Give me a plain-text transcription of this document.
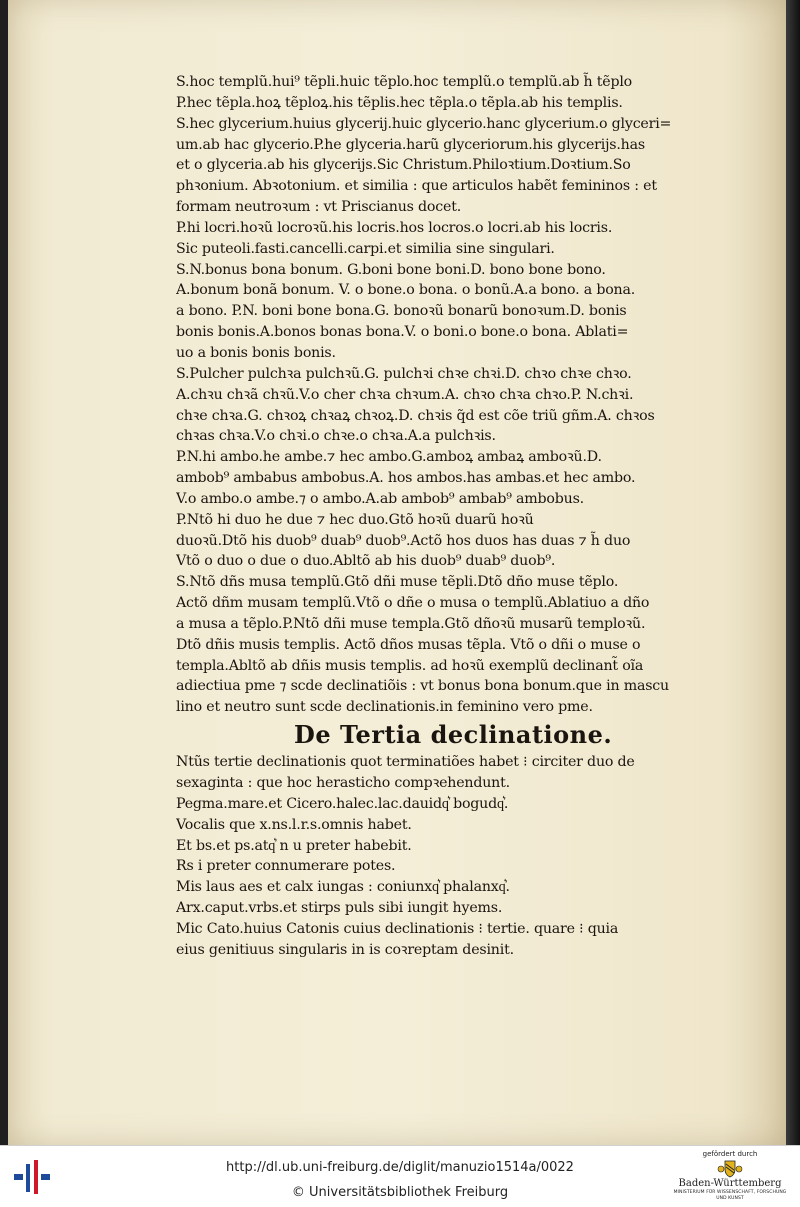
S.hoc templũ.hui⁹ tẽpli.huic tẽplo.hoc templũ.o templũ.ab h̃ tẽplo
P.hec tẽpla.hoꝝ tẽploꝝ.his tẽplis.hec tẽpla.o tẽpla.ab his templis.
S.hec glycerium.huius glycerij.huic glycerio.hanc glycerium.o glyceri=
um.ab hac glycerio.P.he glyceria.harũ glyceriorum.his glycerijs.has
et o glyceria.ab his glycerijs.Sic Christum.Philoꝛtium.Doꝛtium.So
phꝛonium. Abꝛotonium. et similia : que articulos habẽt femininos : et
formam neutroꝛum : vt Priscianus docet.
P.hi locri.hoꝛũ locroꝛũ.his locris.hos locros.o locri.ab his locris.
Sic puteoli.fasti.cancelli.carpi.et similia sine singulari.
S.N.bonus bona bonum. G.boni bone boni.D. bono bone bono.
A.bonum bonã bonum. V. o bone.o bona. o bonũ.A.a bono. a bona.
a bono. P.N. boni bone bona.G. bonoꝛũ bonarũ bonoꝛum.D. bonis
bonis bonis.A.bonos bonas bona.V. o boni.o bone.o bona. Ablati=
uo a bonis bonis bonis.
S.Pulcher pulchꝛa pulchꝛũ.G. pulchꝛi chꝛe chꝛi.D. chꝛo chꝛe chꝛo.
A.chꝛu chꝛã chꝛũ.V.o cher chꝛa chꝛum.A. chꝛo chꝛa chꝛo.P. N.chꝛi.
chꝛe chꝛa.G. chꝛoꝝ chꝛaꝝ chꝛoꝝ.D. chꝛis q̃d est cõe triũ gñm.A. chꝛos
chꝛas chꝛa.V.o chꝛi.o chꝛe.o chꝛa.A.a pulchꝛis.
P.N.hi ambo.he ambe.⁊ hec ambo.G.amboꝝ ambaꝝ amboꝛũ.D.
ambob⁹ ambabus ambobus.A. hos ambos.has ambas.et hec ambo.
V.o ambo.o ambe.⁊ o ambo.A.ab ambob⁹ ambab⁹ ambobus.
P.Ntõ hi duo he due ⁊ hec duo.Gtõ hoꝛũ duarũ hoꝛũ
duoꝛũ.Dtõ his duob⁹ duab⁹ duob⁹.Actõ hos duos has duas ⁊ h̃ duo
Vtõ o duo o due o duo.Abltõ ab his duob⁹ duab⁹ duob⁹.
S.Ntõ dñs musa templũ.Gtõ dñi muse tẽpli.Dtõ dño muse tẽplo.
Actõ dñm musam templũ.Vtõ o dñe o musa o templũ.Ablatiuo a dño
a musa a tẽplo.P.Ntõ dñi muse templa.Gtõ dñoꝛũ musarũ temploꝛũ.
Dtõ dñis musis templis. Actõ dños musas tẽpla. Vtõ o dñi o muse o
templa.Abltõ ab dñis musis templis. ad hoꝛũ exemplũ declinant̃ oĩa
adiectiua pme ⁊ scde declinatiõis : vt bonus bona bonum.que in mascu
lino et neutro sunt scde declinationis.in feminino vero pme.
De Tertia declinatione.
Ntũs tertie declinationis quot terminatiões habet ⁝ circiter duo de
sexaginta : que hoc herasticho compꝛehendunt.
Pegma.mare.et Cicero.halec.lac.dauidq͛ bogudq͛.
Vocalis que x.ns.l.r.s.omnis habet.
Et bs.et ps.atq͛ n u preter habebit.
Rs i preter connumerare potes.
Mis laus aes et calx iungas : coniunxq͛ phalanxq͛.
Arx.caput.vrbs.et stirps puls sibi iungit hyems.
Mic Cato.huius Catonis cuius declinationis ⁝ tertie. quare ⁝ quia
eius genitiuus singularis in is coꝛreptam desinit.
http://dl.ub.uni-freiburg.de/diglit/manuzio1514a/0022
© Universitätsbibliothek Freiburg
gefördert durch
Baden-Württemberg
MINISTERIUM FÜR WISSENSCHAFT, FORSCHUNG UND KUNST
